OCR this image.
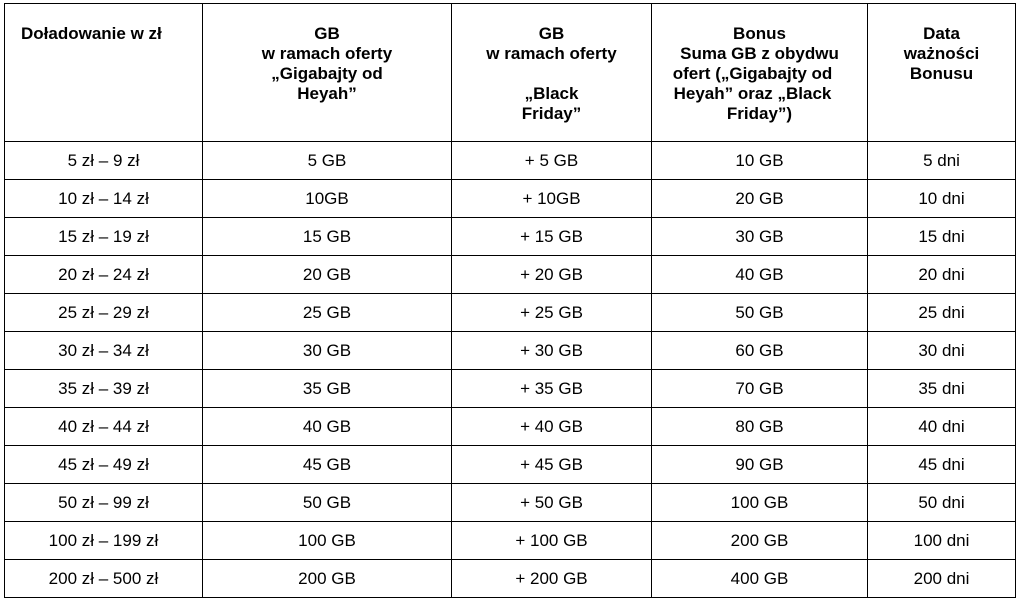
Doładowanie w zł	GB
w ramach oferty
„Gigabajty od
Heyah”	GB
w ramach oferty
„Black
Friday”	Bonus
Suma GB z obydwu
ofert („Gigabajty od
Heyah” oraz „Black
Friday”)	Data
ważności
Bonusu

5 zł – 9 zł	5 GB	+ 5 GB	10 GB	5 dni
10 zł – 14 zł	10GB	+ 10GB	20 GB	10 dni
15 zł – 19 zł	15 GB	+ 15 GB	30 GB	15 dni
20 zł – 24 zł	20 GB	+ 20 GB	40 GB	20 dni
25 zł – 29 zł	25 GB	+ 25 GB	50 GB	25 dni
30 zł – 34 zł	30 GB	+ 30 GB	60 GB	30 dni
35 zł – 39 zł	35 GB	+ 35 GB	70 GB	35 dni
40 zł – 44 zł	40 GB	+ 40 GB	80 GB	40 dni
45 zł – 49 zł	45 GB	+ 45 GB	90 GB	45 dni
50 zł – 99 zł	50 GB	+ 50 GB	100 GB	50 dni
100 zł – 199 zł	100 GB	+ 100 GB	200 GB	100 dni
200 zł – 500 zł	200 GB	+ 200 GB	400 GB	200 dni
